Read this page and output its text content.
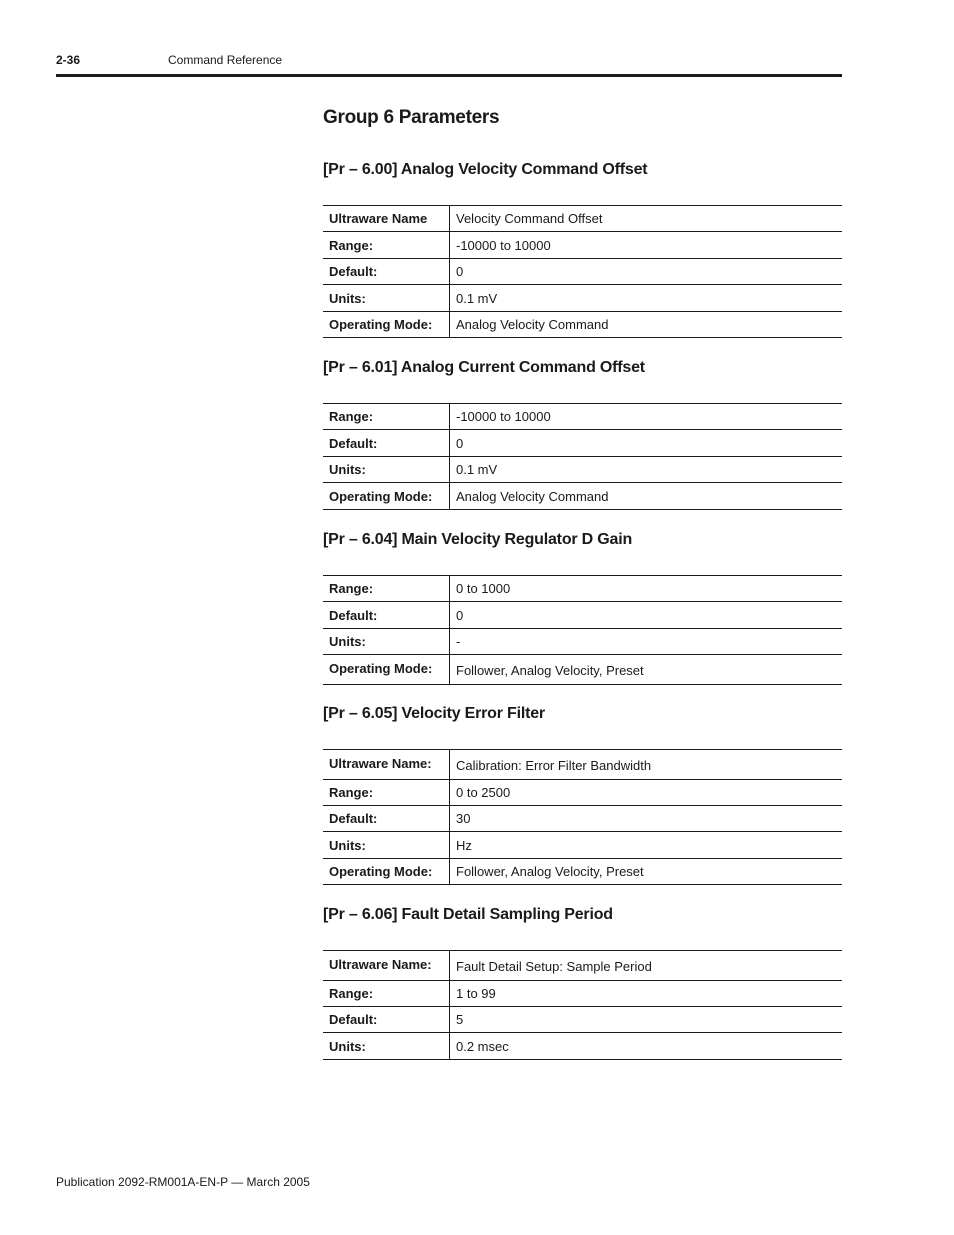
2-36	Command Reference
Group 6 Parameters
[Pr – 6.00] Analog Velocity Command Offset
Ultraware Name	Velocity Command Offset
Range:	-10000 to 10000
Default:	0
Units:	0.1 mV
Operating Mode:	Analog Velocity Command
[Pr – 6.01] Analog Current Command Offset
Range:	-10000 to 10000
Default:	0
Units:	0.1 mV
Operating Mode:	Analog Velocity Command
[Pr – 6.04] Main Velocity Regulator D Gain
Range:	0 to 1000
Default:	0
Units:	-
Operating Mode:	Follower, Analog Velocity, Preset
[Pr – 6.05] Velocity Error Filter
Ultraware Name:	Calibration: Error Filter Bandwidth
Range:	0 to 2500
Default:	30
Units:	Hz
Operating Mode:	Follower, Analog Velocity, Preset
[Pr – 6.06] Fault Detail Sampling Period
Ultraware Name:	Fault Detail Setup: Sample Period
Range:	1 to 99
Default:	5
Units:	0.2 msec
Publication 2092-RM001A-EN-P — March 2005
